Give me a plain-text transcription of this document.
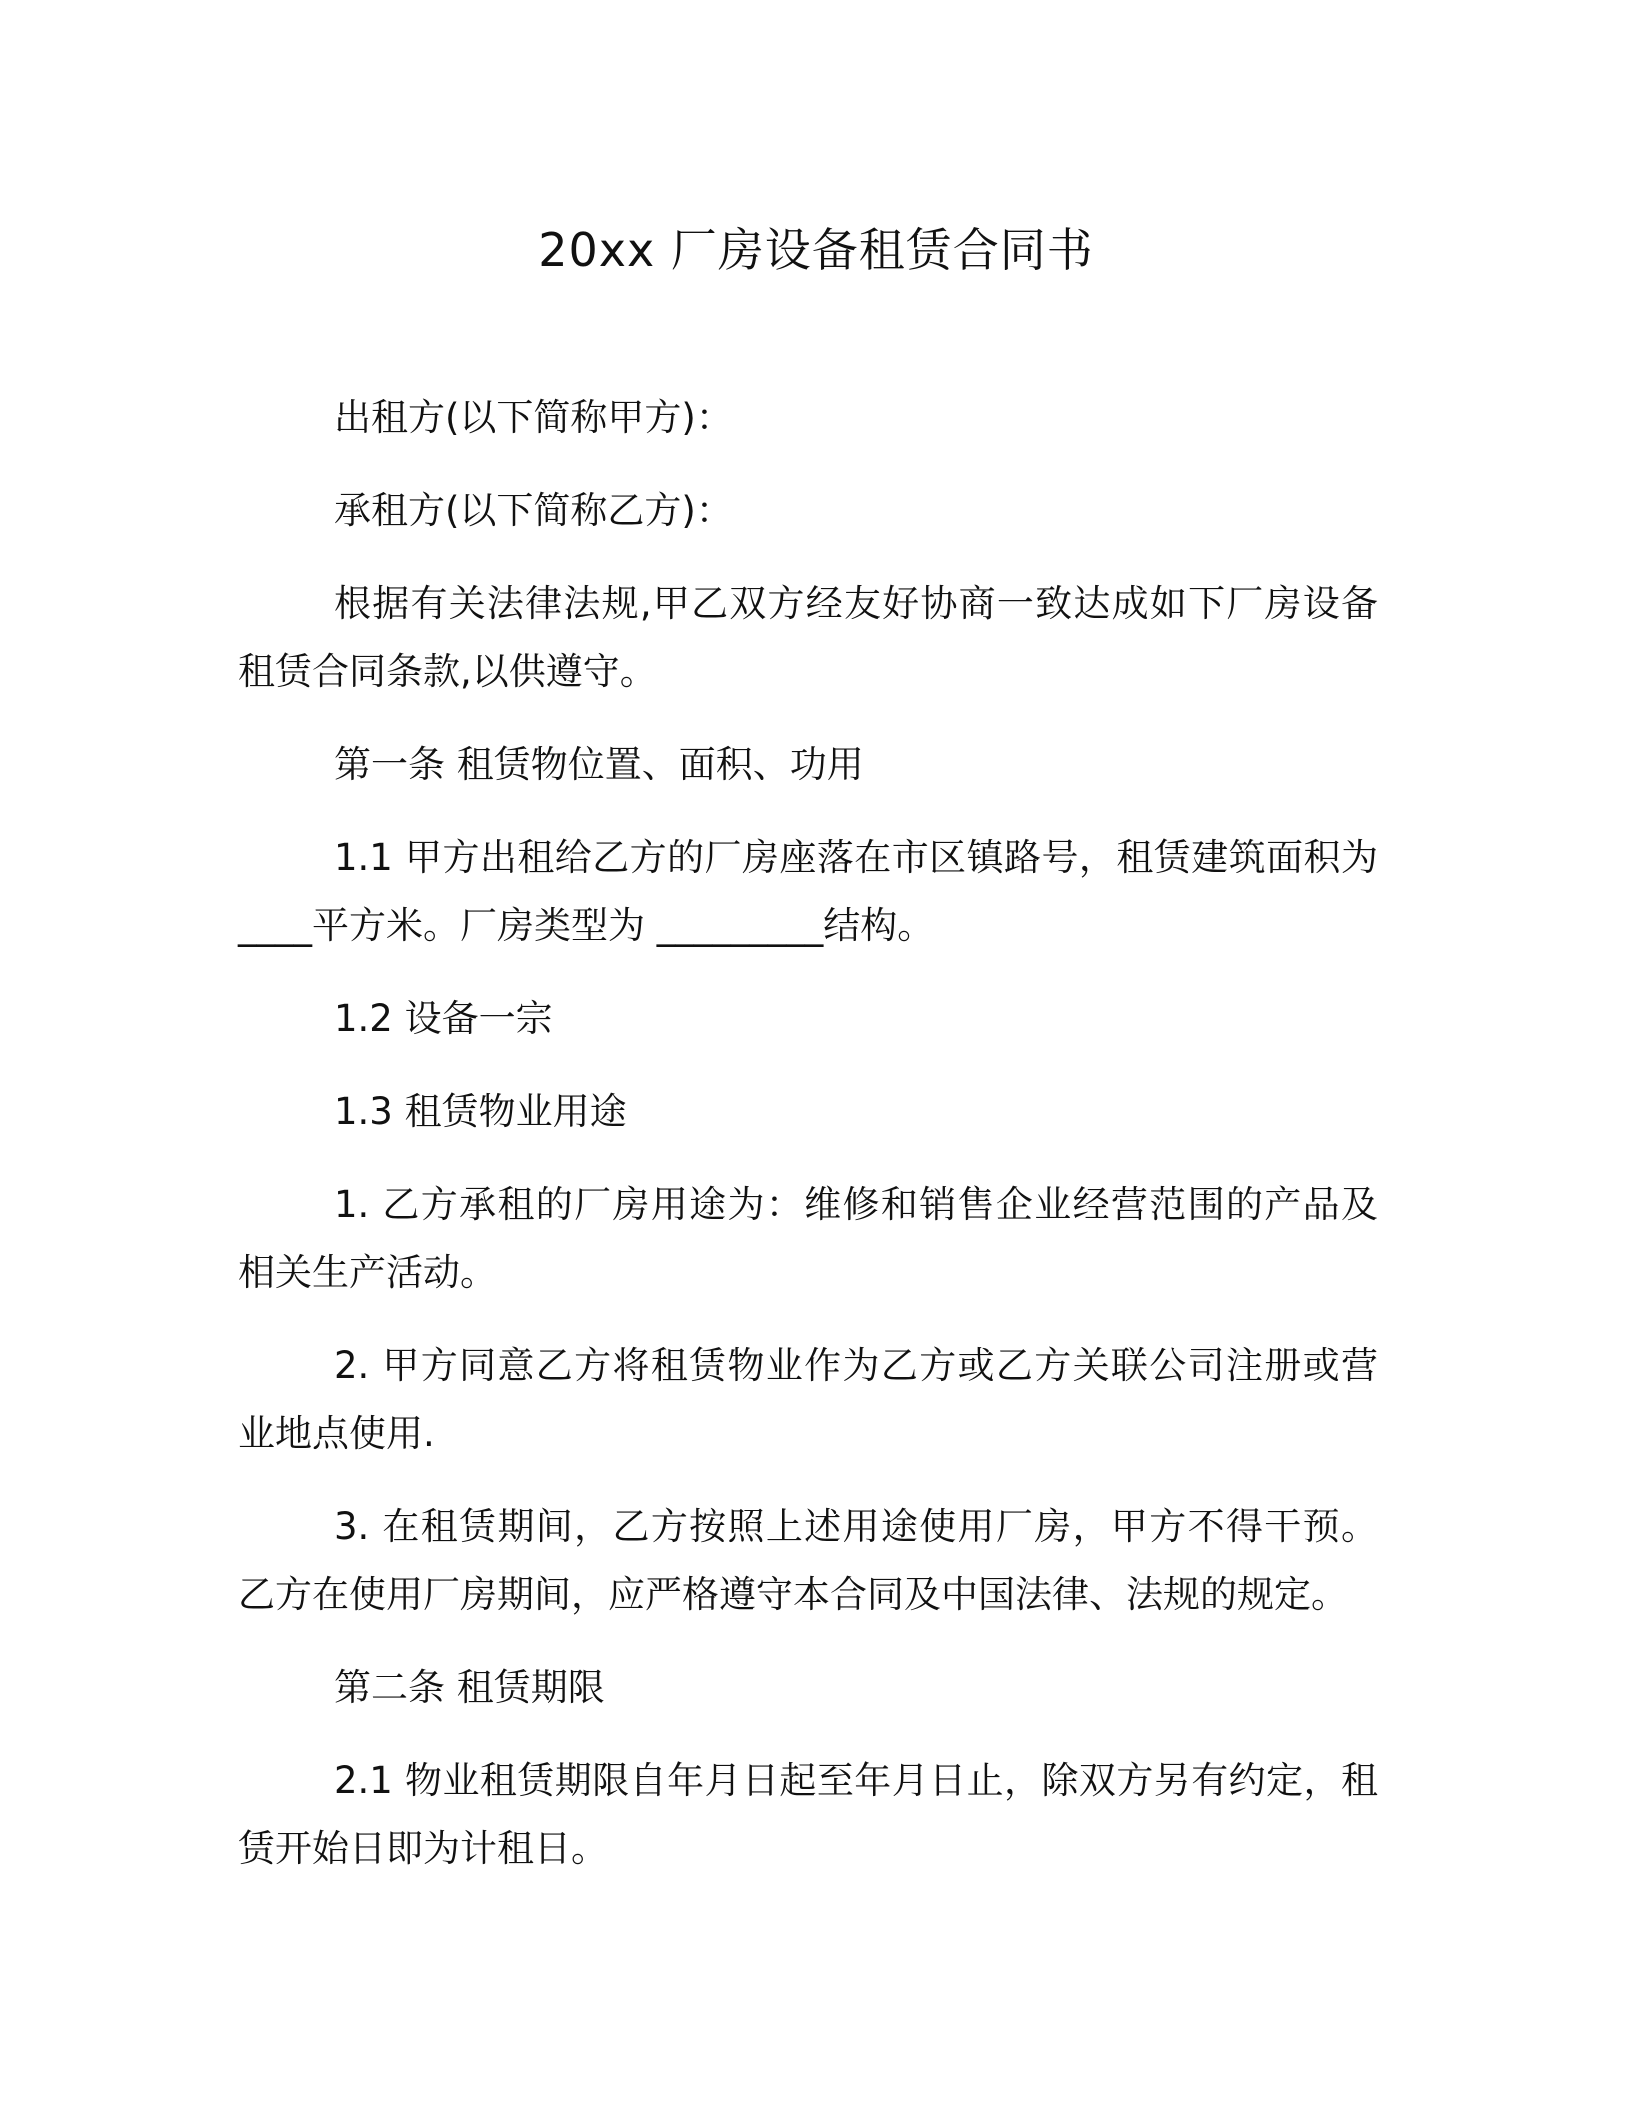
20xx 厂房设备租赁合同书

出租方(以下简称甲方)：

承租方(以下简称乙方)：

根据有关法律法规,甲乙双方经友好协商一致达成如下厂房设备租赁合同条款,以供遵守。

第一条 租赁物位置、面积、功用

1.1 甲方出租给乙方的厂房座落在市区镇路号，租赁建筑面积为____平方米。厂房类型为 _________结构。

1.2 设备一宗

1.3 租赁物业用途

1. 乙方承租的厂房用途为：维修和销售企业经营范围的产品及相关生产活动。

2. 甲方同意乙方将租赁物业作为乙方或乙方关联公司注册或营业地点使用.

3. 在租赁期间，乙方按照上述用途使用厂房，甲方不得干预。乙方在使用厂房期间，应严格遵守本合同及中国法律、法规的规定。

第二条 租赁期限

2.1 物业租赁期限自年月日起至年月日止，除双方另有约定，租赁开始日即为计租日。
